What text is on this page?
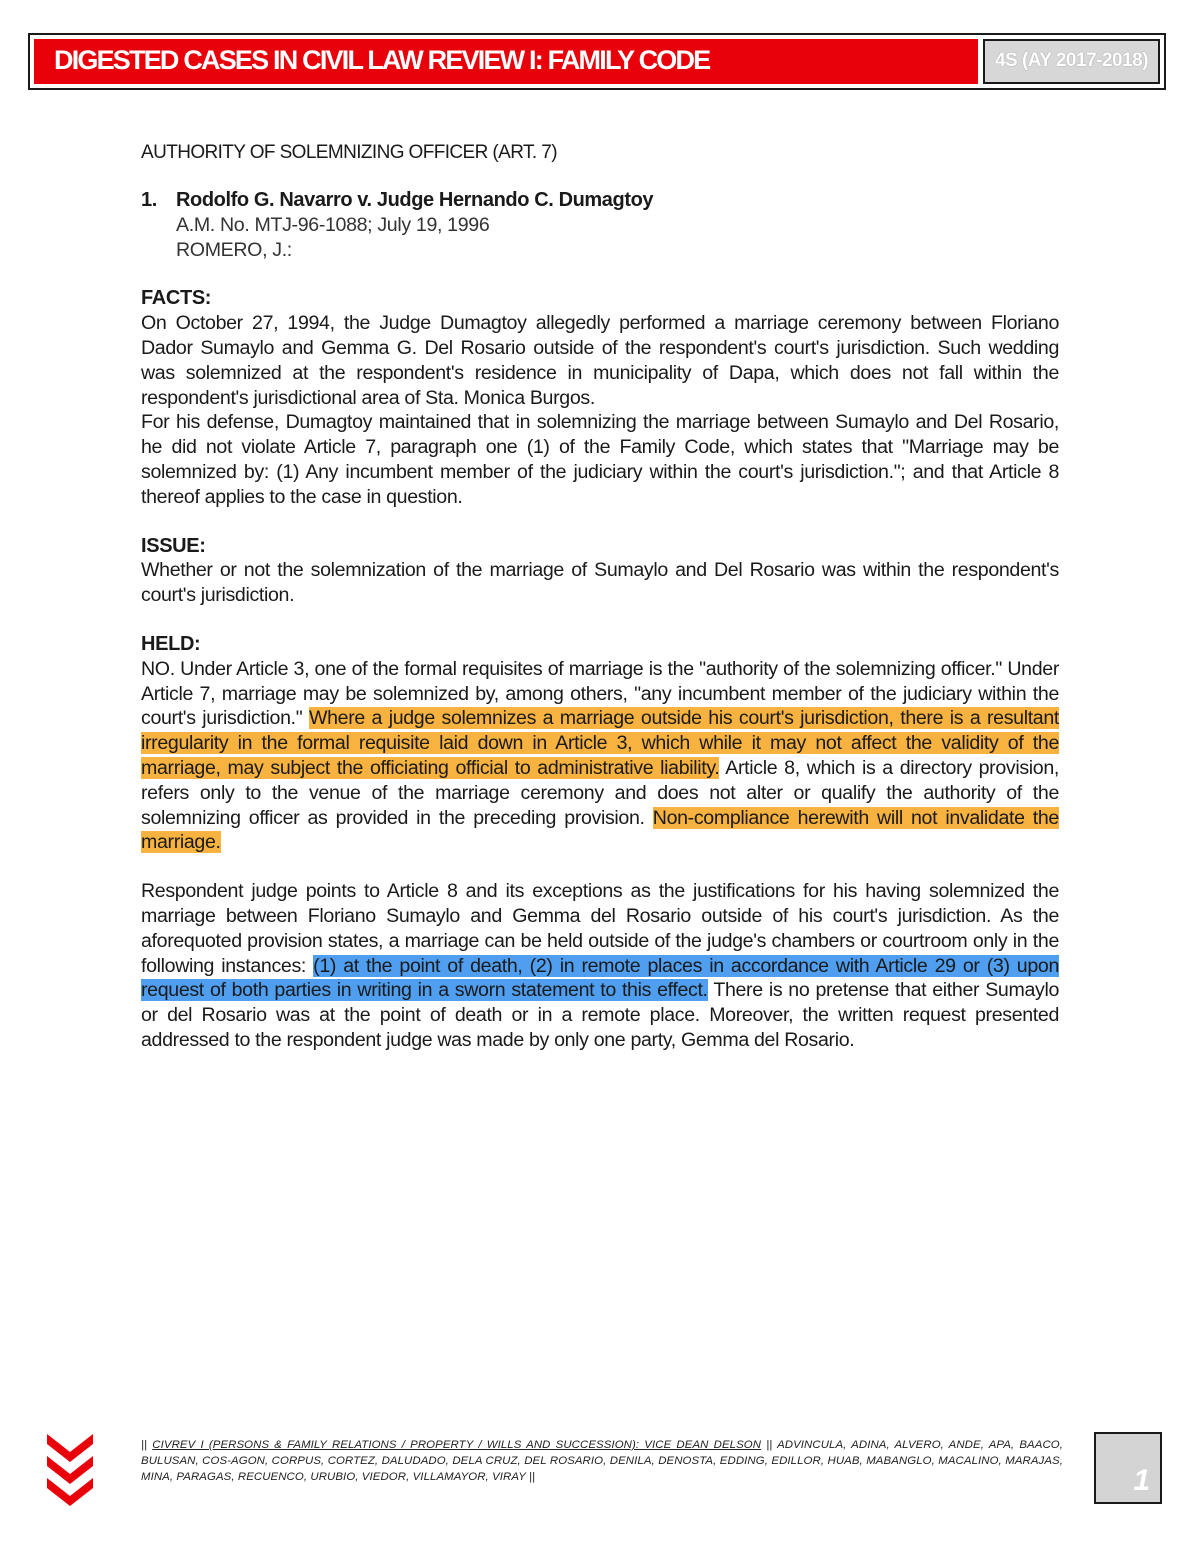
DIGESTED CASES IN CIVIL LAW REVIEW I: FAMILY CODE	4S (AY 2017-2018)

AUTHORITY OF SOLEMNIZING OFFICER (ART. 7)

1. Rodolfo G. Navarro v. Judge Hernando C. Dumagtoy
A.M. No. MTJ-96-1088; July 19, 1996
ROMERO, J.:
FACTS:

On October 27, 1994, the Judge Dumagtoy allegedly performed a marriage ceremony between Floriano Dador Sumaylo and Gemma G. Del Rosario outside of the respondent's court's jurisdiction. Such wedding was solemnized at the respondent's residence in municipality of Dapa, which does not fall within the respondent's jurisdictional area of Sta. Monica Burgos.

For his defense, Dumagtoy maintained that in solemnizing the marriage between Sumaylo and Del Rosario, he did not violate Article 7, paragraph one (1) of the Family Code, which states that "Marriage may be solemnized by: (1) Any incumbent member of the judiciary within the court's jurisdiction."; and that Article 8 thereof applies to the case in question.

ISSUE:

Whether or not the solemnization of the marriage of Sumaylo and Del Rosario was within the respondent's court's jurisdiction.

HELD:

NO. Under Article 3, one of the formal requisites of marriage is the "authority of the solemnizing officer." Under Article 7, marriage may be solemnized by, among others, "any incumbent member of the judiciary within the court's jurisdiction." Where a judge solemnizes a marriage outside his court's jurisdiction, there is a resultant irregularity in the formal requisite laid down in Article 3, which while it may not affect the validity of the marriage, may subject the officiating official to administrative liability. Article 8, which is a directory provision, refers only to the venue of the marriage ceremony and does not alter or qualify the authority of the solemnizing officer as provided in the preceding provision. Non-compliance herewith will not invalidate the marriage.

Respondent judge points to Article 8 and its exceptions as the justifications for his having solemnized the marriage between Floriano Sumaylo and Gemma del Rosario outside of his court's jurisdiction. As the aforequoted provision states, a marriage can be held outside of the judge's chambers or courtroom only in the following instances: (1) at the point of death, (2) in remote places in accordance with Article 29 or (3) upon request of both parties in writing in a sworn statement to this effect. There is no pretense that either Sumaylo or del Rosario was at the point of death or in a remote place. Moreover, the written request presented addressed to the respondent judge was made by only one party, Gemma del Rosario.

|| CIVREV I (PERSONS & FAMILY RELATIONS / PROPERTY / WILLS AND SUCCESSION): VICE DEAN DELSON || ADVINCULA, ADINA, ALVERO, ANDE, APA, BAACO, BULUSAN, COS-AGON, CORPUS, CORTEZ, DALUDADO, DELA CRUZ, DEL ROSARIO, DENILA, DENOSTA, EDDING, EDILLOR, HUAB, MABANGLO, MACALINO, MARAJAS, MINA, PARAGAS, RECUENCO, URUBIO, VIEDOR, VILLAMAYOR, VIRAY ||	1
